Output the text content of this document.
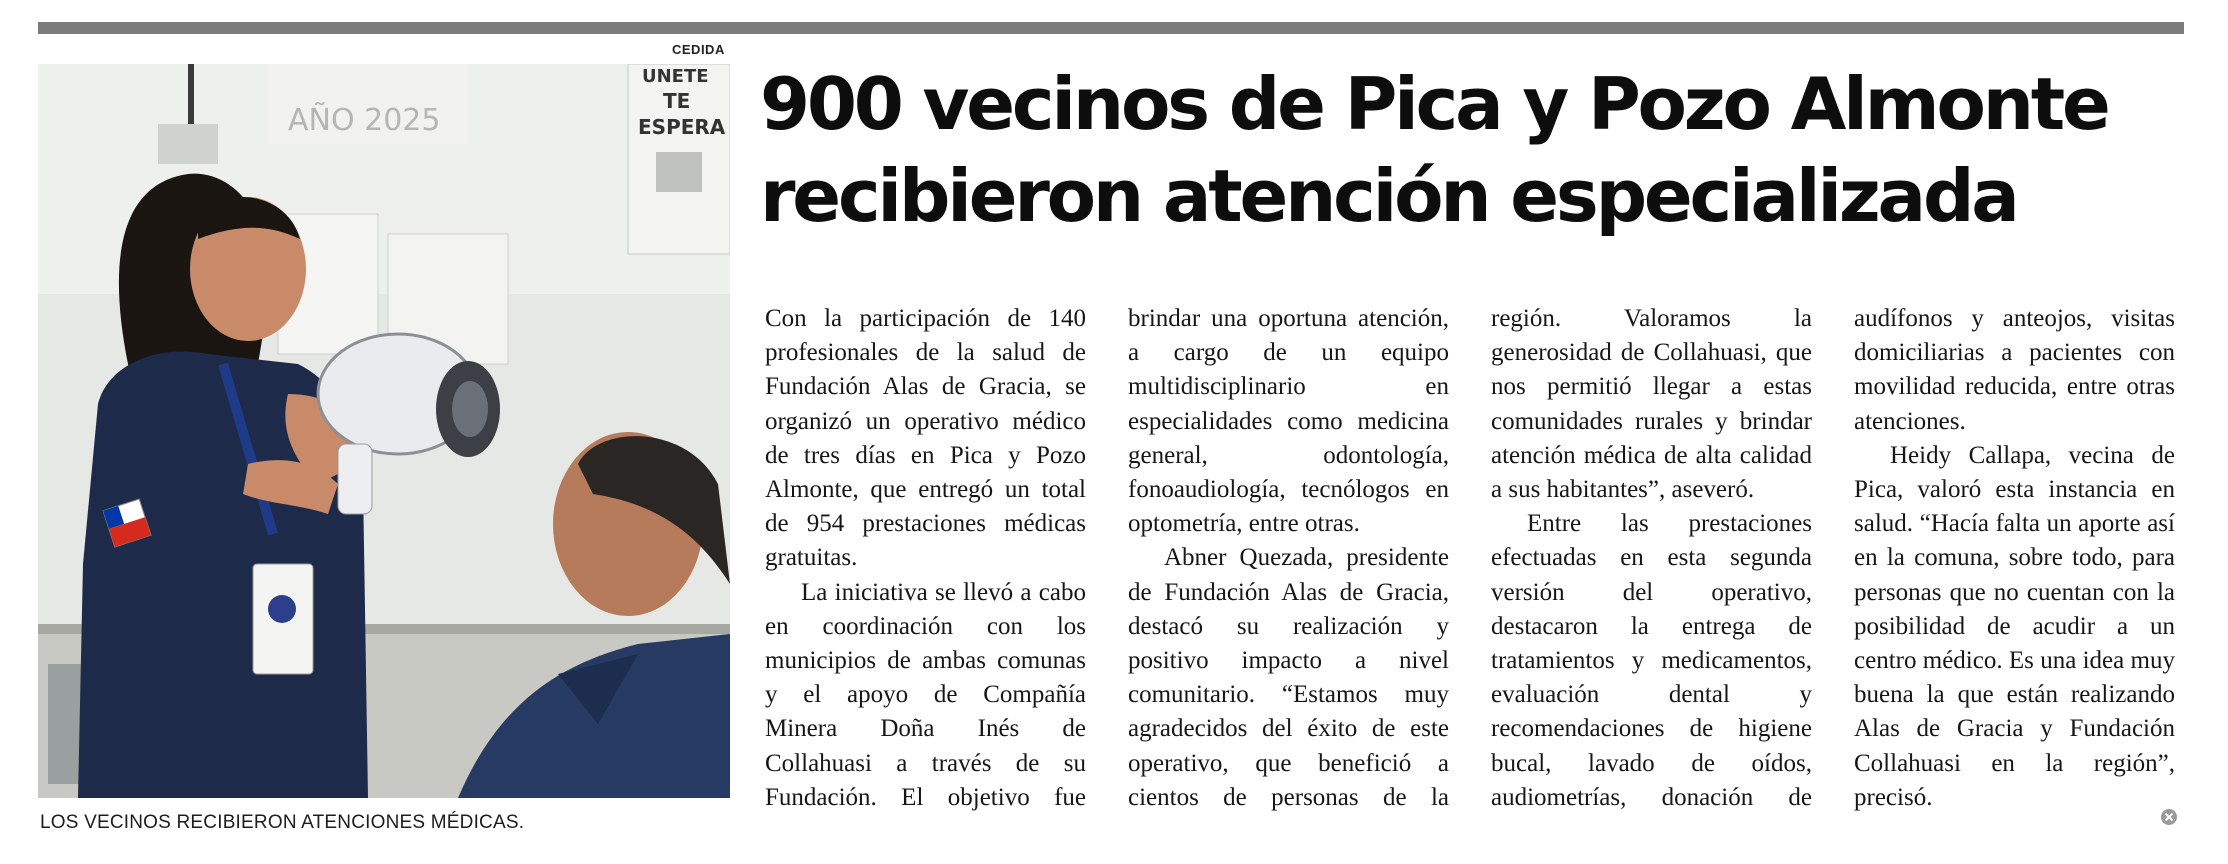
AÑO 2025
UNETE
TE
ESPERA
CEDIDA
LOS VECINOS RECIBIERON ATENCIONES MÉDICAS.
900 vecinos de Pica y Pozo Almonte
recibieron atención especializada

Con la participación de 140 profesionales de la salud de Fundación Alas de Gracia, se organizó un operativo médico de tres días en Pica y Pozo Almonte, que entregó un total de 954 prestaciones médicas gratuitas.

La iniciativa se llevó a cabo en coordinación con los municipios de ambas comunas y el apoyo de Compañía Minera Doña Inés de Collahuasi a través de su Fundación. El objetivo fue brindar una oportuna atención, a cargo de un equipo multidisciplinario en especialidades como medicina general, odontología, fonoaudiología, tecnólogos en optometría, entre otras.

Abner Quezada, presidente de Fundación Alas de Gracia, destacó su realización y positivo impacto a nivel comunitario. “Estamos muy agradecidos del éxito de este operativo, que benefició a cientos de personas de la región. Valoramos la generosidad de Collahuasi, que nos permitió llegar a estas comunidades rurales y brindar atención médica de alta calidad a sus habitantes”, aseveró.

Entre las prestaciones efectuadas en esta segunda versión del operativo, destacaron la entrega de tratamientos y medicamentos, evaluación dental y recomendaciones de higiene bucal, lavado de oídos, audiometrías, donación de audífonos y anteojos, visitas domiciliarias a pacientes con movilidad reducida, entre otras atenciones.

Heidy Callapa, vecina de Pica, valoró esta instancia en salud. “Hacía falta un aporte así en la comuna, sobre todo, para personas que no cuentan con la posibilidad de acudir a un centro médico. Es una idea muy buena la que están realizando Alas de Gracia y Fundación Collahuasi en la región”, precisó.
